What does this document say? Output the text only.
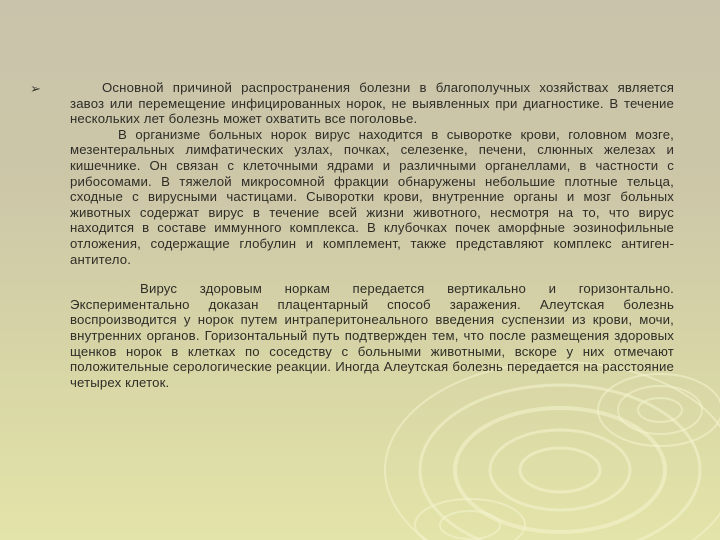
➢	Основной причиной распространения болезни в благополучных хозяйствах является завоз или перемещение инфицированных норок, не выявленных при диагностике. В течение нескольких лет болезнь может охватить все поголовье.

В организме больных норок вирус находится в сыворотке крови, головном мозге, мезентеральных лимфатических узлах, почках, селезенке, печени, слюнных железах и кишечнике. Он связан с клеточными ядрами и различными органеллами, в частности с рибосомами. В тяжелой микросомной фракции обнаружены небольшие плотные тельца, сходные с вирусными частицами. Сыворотки крови, внутренние органы и мозг больных животных содержат вирус в течение всей жизни животного, несмотря на то, что вирус находится в составе иммунного комплекса. В клубочках почек аморфные эозинофильные отложения, содержащие глобулин и комплемент, также представляют комплекс антиген-антитело.

Вирус здоровым норкам передается вертикально и горизонтально. Экспериментально доказан плацентарный способ заражения. Алеутская болезнь воспроизводится у норок путем интраперитонеального введения суспензии из крови, мочи, внутренних органов. Горизонтальный путь подтвержден тем, что после размещения здоровых щенков норок в клетках по соседству с больными животными, вскоре у них отмечают положительные серологические реакции. Иногда Алеутская болезнь передается на расстояние четырех клеток.
